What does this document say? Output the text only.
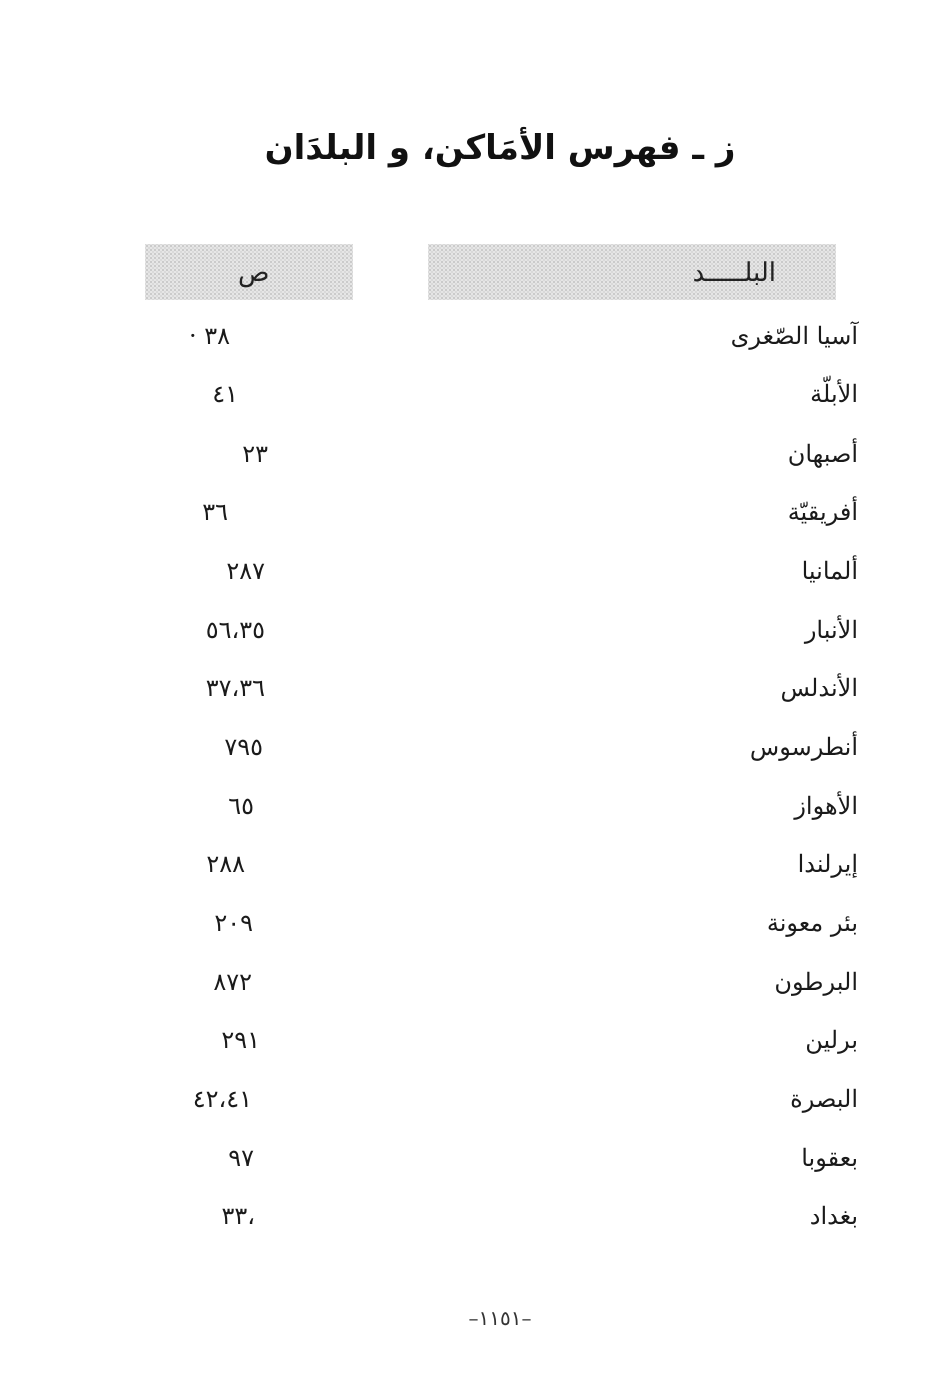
ز ـ فهرس الأمَاكن، و البلدَان
البلـــــد
ص
آسيا الصّغرى
٣٨ ·
الأبلّة
٤١
أصبهان
٢٣
أفريقيّة
٣٦
ألمانيا
٢٨٧
الأنبار
٥٦،٣٥
الأندلس
٣٧،٣٦
أنطرسوس
٧٩٥
الأهواز
٦٥
إيرلندا
٢٨٨
بئر معونة
٢٠٩
البرطون
٨٧٢
برلين
٢٩١
البصرة
٤٢،٤١
بعقوبا
٩٧
بغداد
،٣٣
–١١٥١–
